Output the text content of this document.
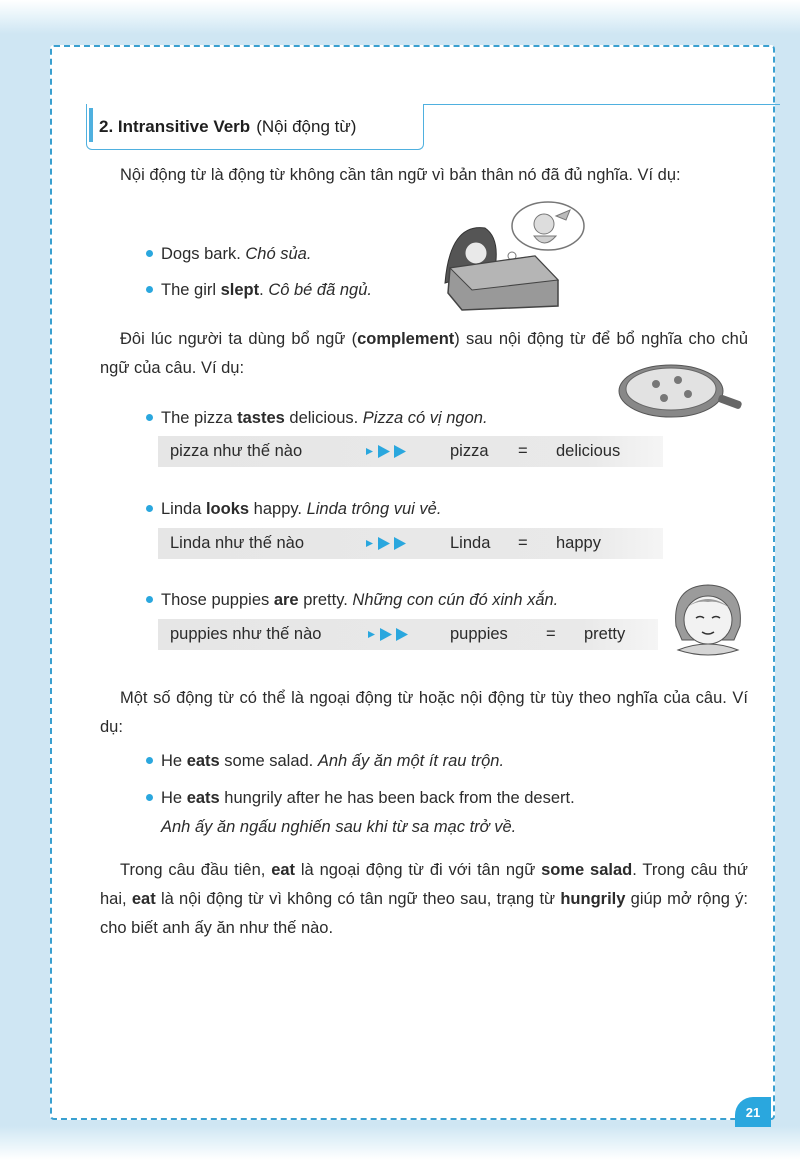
2. Intransitive Verb (Nội động từ)
Nội động từ là động từ không cần tân ngữ vì bản thân nó đã đủ nghĩa. Ví dụ:
Dogs bark. Chó sủa.
The girl slept. Cô bé đã ngủ.
Đôi lúc người ta dùng bổ ngữ (complement) sau nội động từ để bổ nghĩa cho chủ ngữ của câu. Ví dụ:
The pizza tastes delicious. Pizza có vị ngon.
pizza như thế nào	pizza = delicious
Linda looks happy. Linda trông vui vẻ.
Linda như thế nào	Linda = happy
Those puppies are pretty. Những con cún đó xinh xắn.
puppies như thế nào	puppies = pretty
Một số động từ có thể là ngoại động từ hoặc nội động từ tùy theo nghĩa của câu. Ví dụ:
He eats some salad. Anh ấy ăn một ít rau trộn.
He eats hungrily after he has been back from the desert.
Anh ấy ăn ngấu nghiến sau khi từ sa mạc trở về.
Trong câu đầu tiên, eat là ngoại động từ đi với tân ngữ some salad. Trong câu thứ hai, eat là nội động từ vì không có tân ngữ theo sau, trạng từ hungrily giúp mở rộng ý: cho biết anh ấy ăn như thế nào.
21
